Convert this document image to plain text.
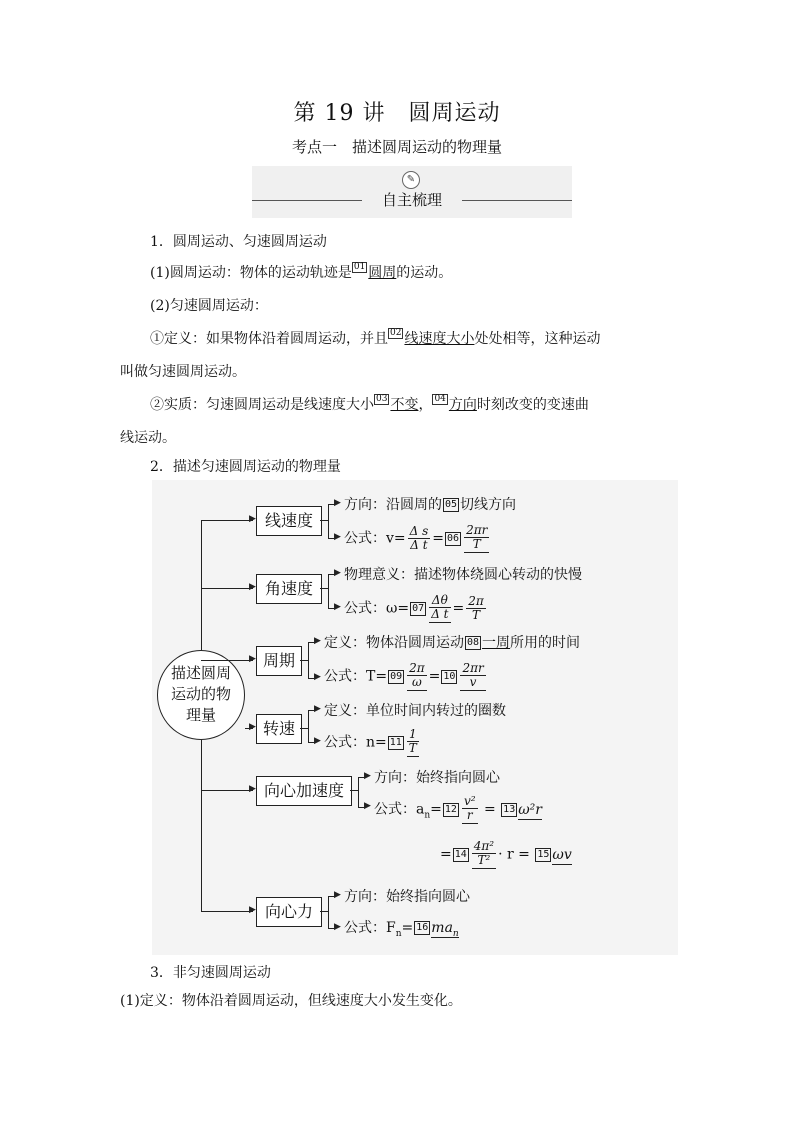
第 19 讲　圆周运动
考点一　描述圆周运动的物理量
✎
自主梳理
1．圆周运动、匀速圆周运动
(1)圆周运动：物体的运动轨迹是 01 圆周的运动。
(2)匀速圆周运动：
①定义：如果物体沿着圆周运动，并且 02 线速度大小处处相等，这种运动
叫做匀速圆周运动。
②实质：匀速圆周运动是线速度大小 03 不变， 04 方向时刻改变的变速曲
线运动。
2．描述匀速圆周运动的物理量
描述圆周
运动的物
理量
▶ 线速度
▶
▶
方向：沿圆周的 05 切线方向
公式：$v= \frac{\text{Δ s}}{\text{Δ t}} = 06 \frac{2\pi r}{T}$
▶ 角速度
▶
▶
物理意义：描述物体绕圆心转动的快慢
公式：$\omega= 07 \frac{\Delta\theta}{\text{Δ t}} = \frac{2\pi}{T}$
▶ 周期
▶
▶
定义：物体沿圆周运动 08 一周所用的时间
公式：$T= 09 \frac{2\pi}{\omega} = 10 \frac{2\pi r}{v}$
▶ 转速
▶
▶
定义：单位时间内转过的圈数
公式：$n= 11 \frac{1}{T}$
▶ 向心加速度
▶
▶
方向：始终指向圆心
公式：$a_n= 12 \frac{\text{v²}}{r} = 13$ ω²r
= $14 \frac{\text{4π²}}{\text{T²}} \cdot r = 15$ ωv
▶ 向心力
▶
▶
方向：始终指向圆心
公式：$F_n= 16$ $ma_n$
3．非匀速圆周运动
(1)定义：物体沿着圆周运动，但线速度大小发生变化。
